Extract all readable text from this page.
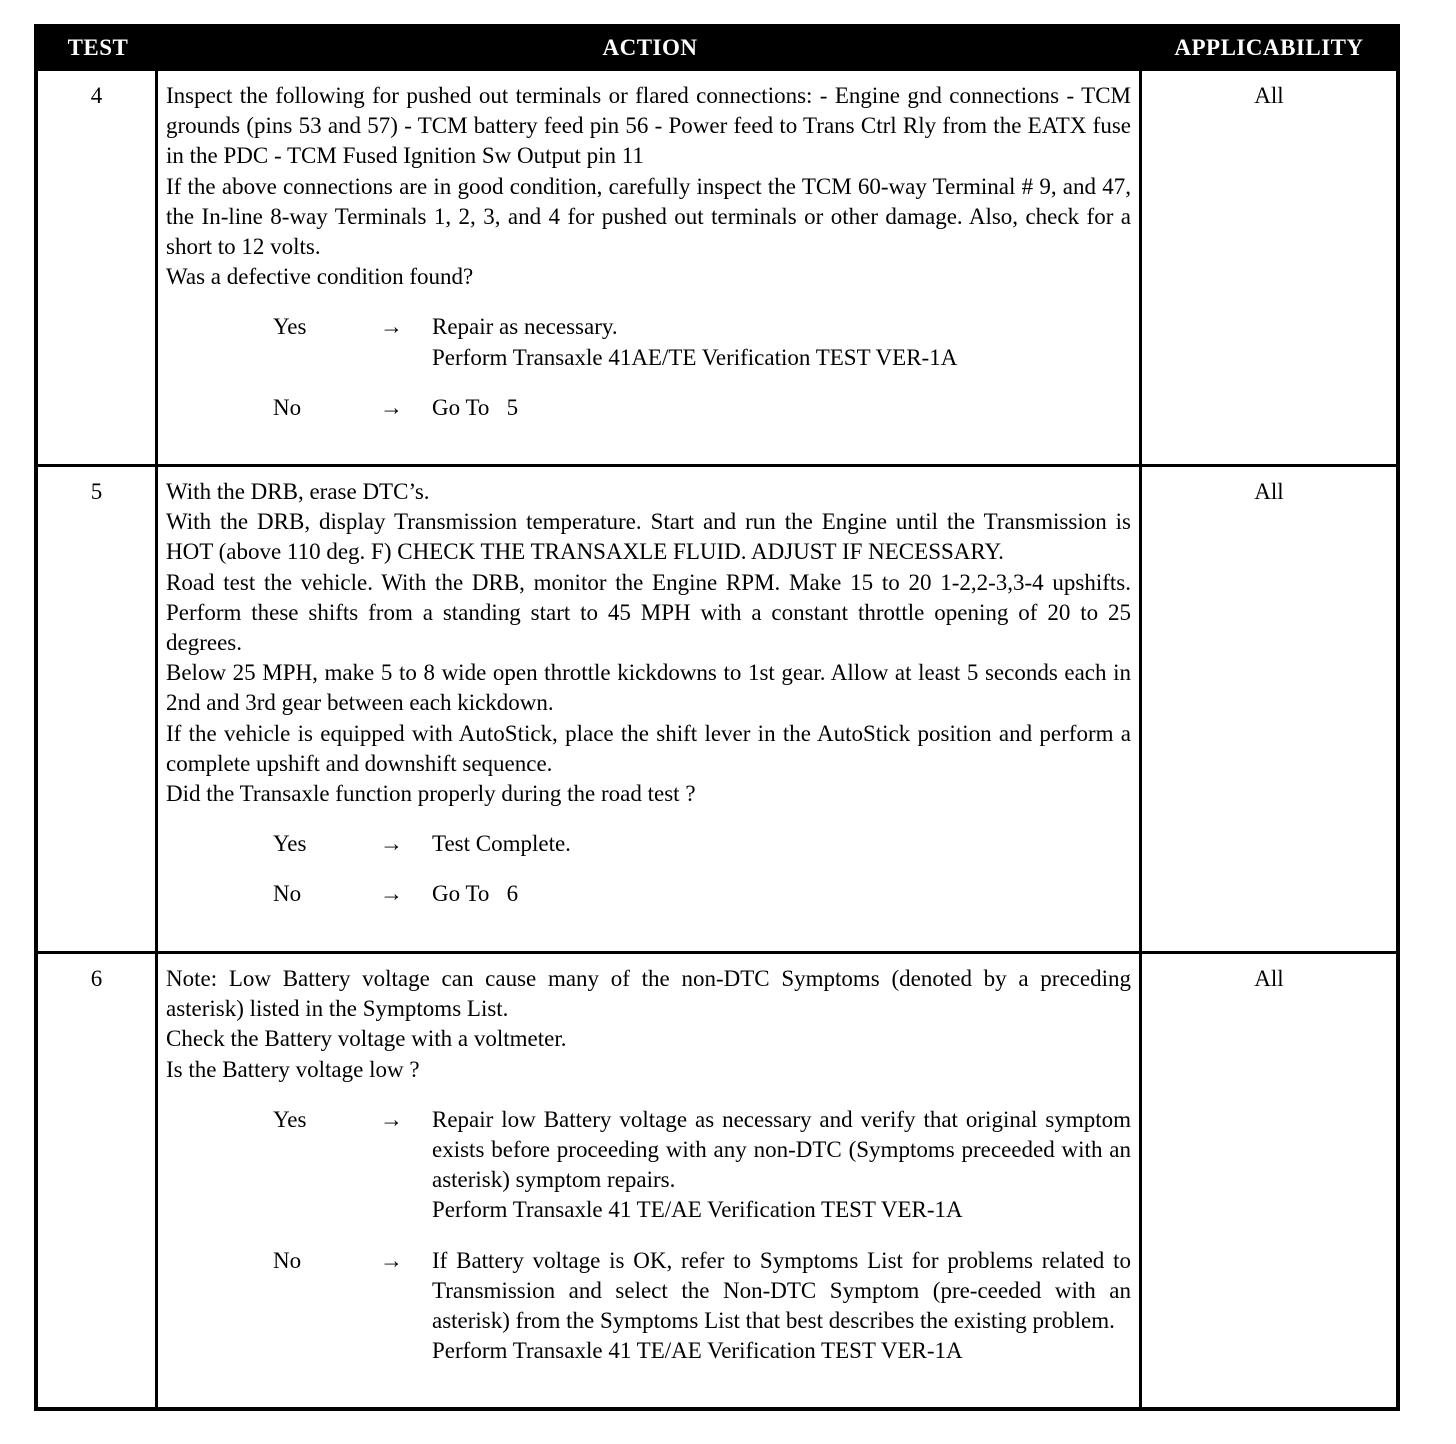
TEST	ACTION	APPLICABILITY
4	Inspect the following for pushed out terminals or flared connections: - Engine gnd connections - TCM grounds (pins 53 and 57) - TCM battery feed pin 56 - Power feed to Trans Ctrl Rly from the EATX fuse in the PDC - TCM Fused Ignition Sw Output pin 11

If the above connections are in good condition, carefully inspect the TCM 60-way Terminal # 9, and 47, the In-line 8-way Terminals 1, 2, 3, and 4 for pushed out terminals or other damage. Also, check for a short to 12 volts.

Was a defective condition found?

Yes	→	Repair as necessary.
Perform Transaxle 41AE/TE Verification TEST VER-1A
No	→	Go To   5
All
5	With the DRB, erase DTC’s.

With the DRB, display Transmission temperature. Start and run the Engine until the Transmission is HOT (above 110 deg. F) CHECK THE TRANSAXLE FLUID. ADJUST IF NECESSARY.

Road test the vehicle. With the DRB, monitor the Engine RPM. Make 15 to 20 1-2,2-3,3-4 upshifts. Perform these shifts from a standing start to 45 MPH with a constant throttle opening of 20 to 25 degrees.

Below 25 MPH, make 5 to 8 wide open throttle kickdowns to 1st gear. Allow at least 5 seconds each in 2nd and 3rd gear between each kickdown.

If the vehicle is equipped with AutoStick, place the shift lever in the AutoStick position and perform a complete upshift and downshift sequence.

Did the Transaxle function properly during the road test ?

Yes	→	Test Complete.
No	→	Go To   6
All
6	Note: Low Battery voltage can cause many of the non-DTC Symptoms (denoted by a preceding asterisk) listed in the Symptoms List.

Check the Battery voltage with a voltmeter.

Is the Battery voltage low ?

Yes	→	Repair low Battery voltage as necessary and verify that original symptom exists before proceeding with any non-DTC (Symptoms preceeded with an asterisk) symptom repairs.
Perform Transaxle 41 TE/AE Verification TEST VER-1A
No	→	If Battery voltage is OK, refer to Symptoms List for problems related to Transmission and select the Non-DTC Symptom (pre-ceeded with an asterisk) from the Symptoms List that best describes the existing problem.
Perform Transaxle 41 TE/AE Verification TEST VER-1A
All
